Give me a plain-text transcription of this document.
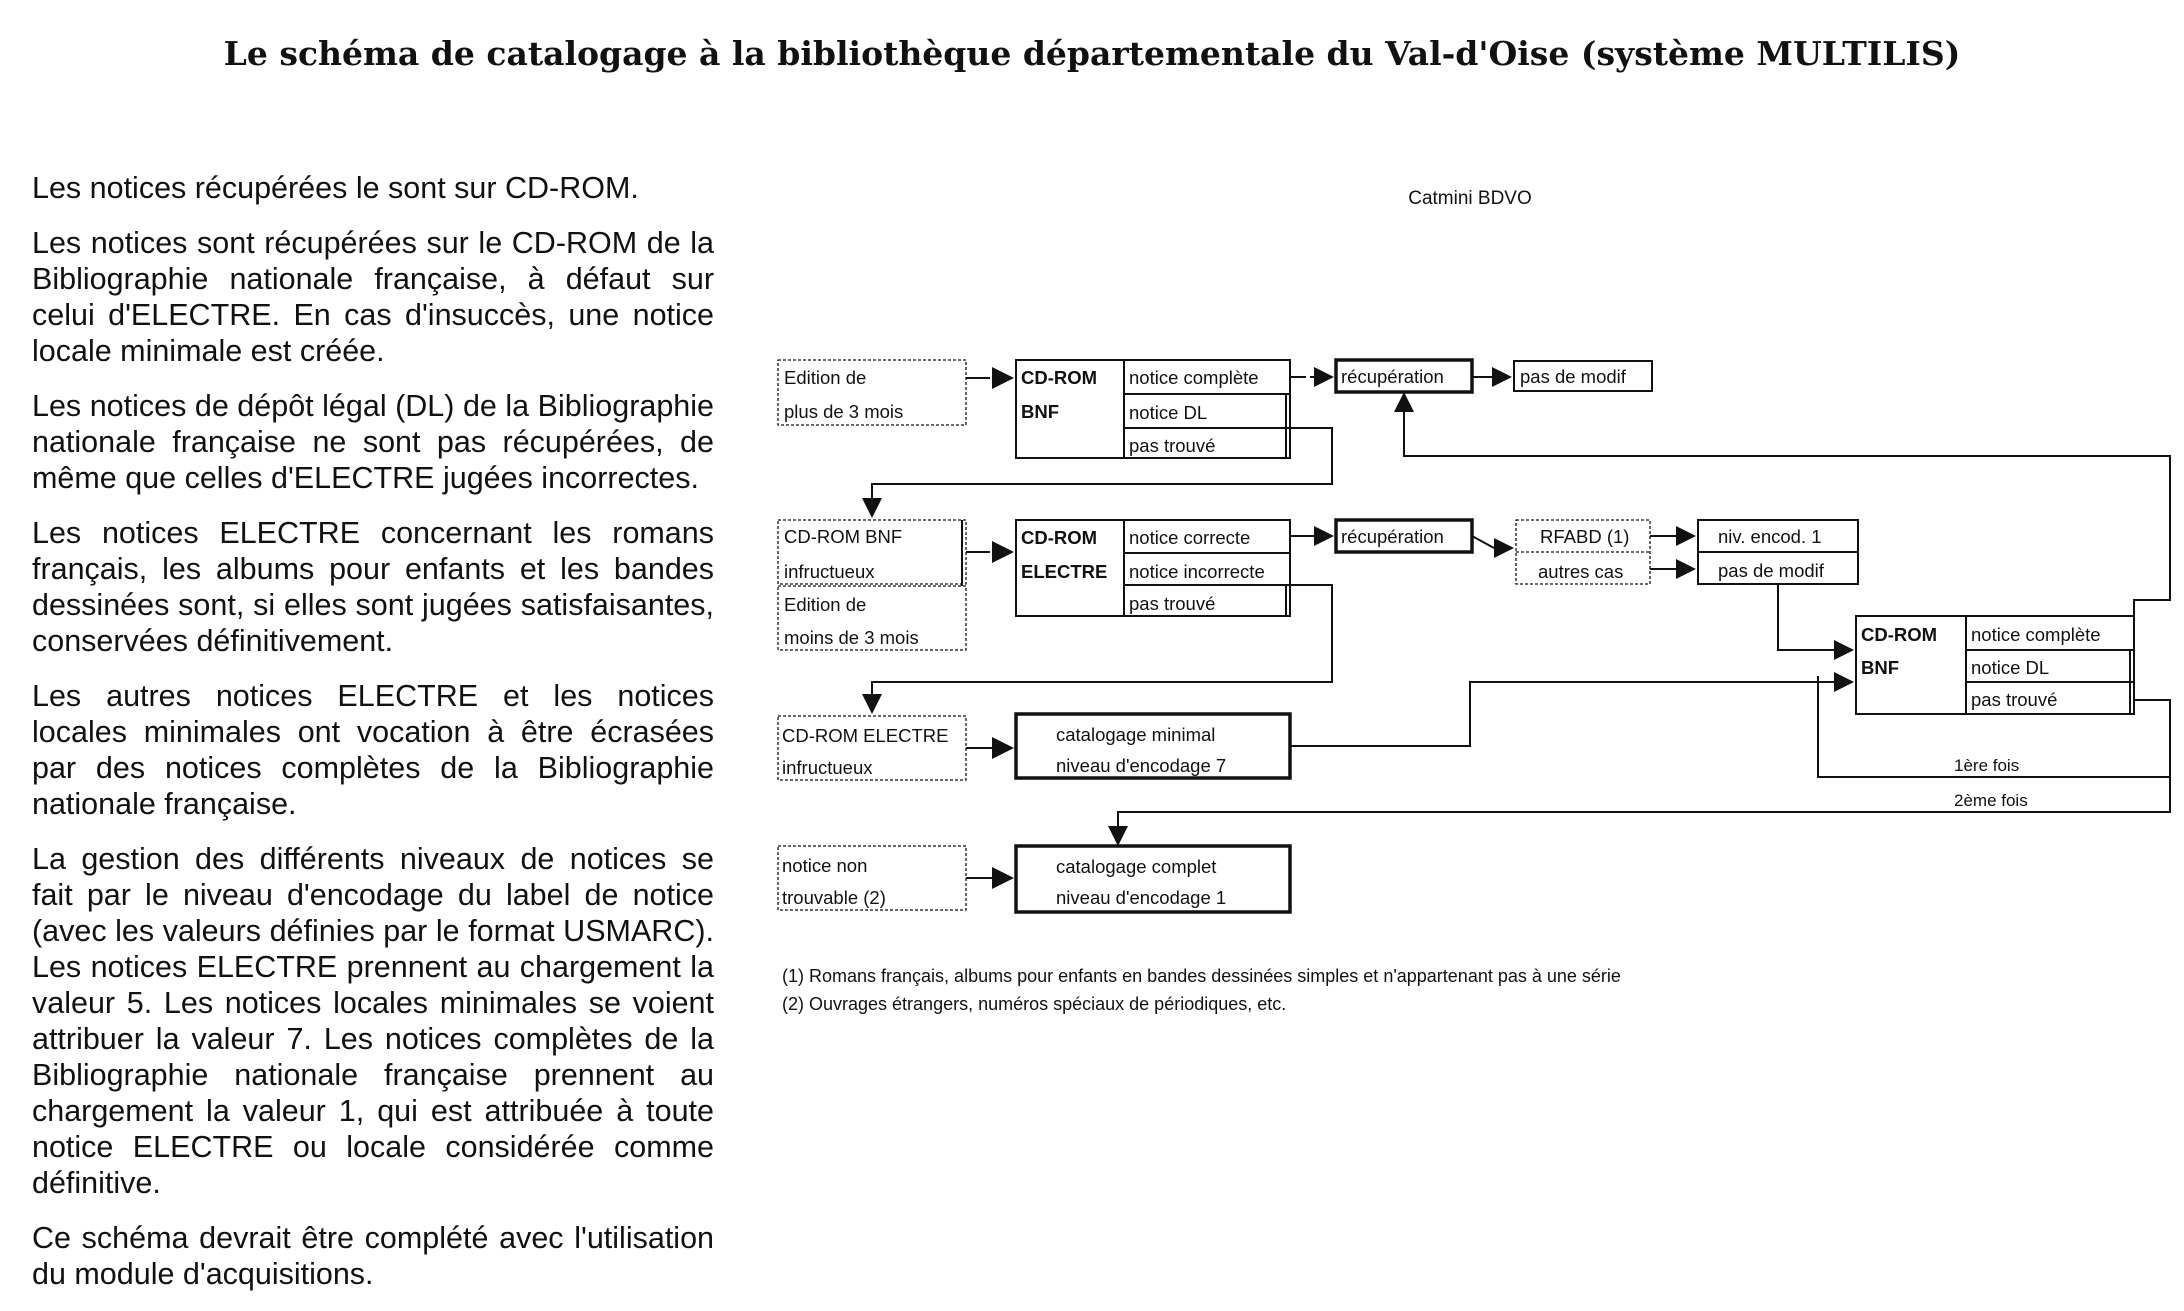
Le schéma de catalogage à la bibliothèque départementale du Val-d'Oise (système MULTILIS)

Les notices récupérées le sont sur CD-ROM.

Les notices sont récupérées sur le CD-ROM de la Bibliographie nationale française, à défaut sur celui d'ELECTRE. En cas d'insuccès, une notice locale minimale est créée.

Les notices de dépôt légal (DL) de la Bibliographie nationale française ne sont pas récupérées, de même que celles d'ELECTRE jugées incorrectes.

Les notices ELECTRE concernant les romans français, les albums pour enfants et les bandes dessinées sont, si elles sont jugées satisfaisantes, conservées définitivement.

Les autres notices ELECTRE et les notices locales minimales ont vocation à être écrasées par des notices complètes de la Bibliographie nationale française.

La gestion des différents niveaux de notices se fait par le niveau d'encodage du label de notice (avec les valeurs définies par le format USMARC). Les notices ELECTRE prennent au chargement la valeur 5. Les notices locales minimales se voient attribuer la valeur 7. Les notices complètes de la Bibliographie nationale française prennent au chargement la valeur 1, qui est attribuée à toute notice ELECTRE ou locale considérée comme définitive.

Ce schéma devrait être complété avec l'utilisation du module d'acquisitions.

Catmini BDVO
Edition de
plus de 3 mois
CD-ROM
BNF
notice complète
notice DL
pas trouvé
récupération	pas de modif
CD-ROM BNF
infructueux
Edition de
moins de 3 mois
CD-ROM
ELECTRE
notice correcte
notice incorrecte
pas trouvé
récupération	RFABD (1)
autres cas
niv. encod. 1
pas de modif
CD-ROM
BNF
notice complète
notice DL
pas trouvé
1ère fois
2ème fois
CD-ROM ELECTRE
infructueux
catalogage minimal
niveau d'encodage 7
notice non
trouvable (2)
catalogage complet
niveau d'encodage 1
(1) Romans français, albums pour enfants en bandes dessinées simples et n'appartenant pas à une série
(2) Ouvrages étrangers, numéros spéciaux de périodiques, etc.
